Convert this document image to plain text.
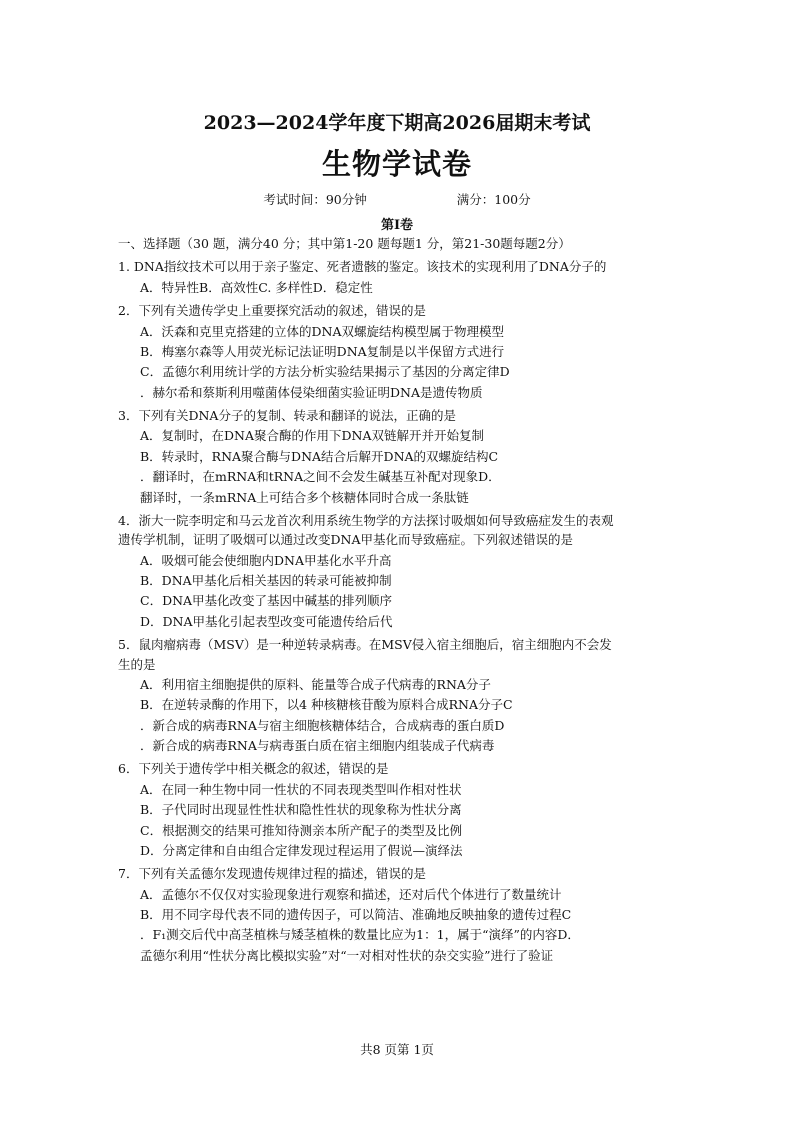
2023—2024学年度下期高2026届期末考试
生物学试卷
考试时间：90分钟	满分：100分
第Ⅰ卷
一、选择题（30 题，满分40 分；其中第1-20 题每题1 分，第21-30题每题2分）
1. DNA指纹技术可以用于亲子鉴定、死者遗骸的鉴定。该技术的实现利用了DNA分子的
A．特异性B．高效性C. 多样性D．稳定性
2．下列有关遗传学史上重要探究活动的叙述，错误的是
A．沃森和克里克搭建的立体的DNA双螺旋结构模型属于物理模型
B．梅塞尔森等人用荧光标记法证明DNA复制是以半保留方式进行
C．孟德尔利用统计学的方法分析实验结果揭示了基因的分离定律D
．赫尔希和蔡斯利用噬菌体侵染细菌实验证明DNA是遗传物质
3．下列有关DNA分子的复制、转录和翻译的说法，正确的是
A．复制时，在DNA聚合酶的作用下DNA双链解开并开始复制
B．转录时，RNA聚合酶与DNA结合后解开DNA的双螺旋结构C
．翻译时，在mRNA和tRNA之间不会发生碱基互补配对现象D．
翻译时，一条mRNA上可结合多个核糖体同时合成一条肽链
4．浙大一院李明定和马云龙首次利用系统生物学的方法探讨吸烟如何导致癌症发生的表观
遗传学机制，证明了吸烟可以通过改变DNA甲基化而导致癌症。下列叙述错误的是
A．吸烟可能会使细胞内DNA甲基化水平升高
B．DNA甲基化后相关基因的转录可能被抑制
C．DNA甲基化改变了基因中碱基的排列顺序
D．DNA甲基化引起表型改变可能遗传给后代
5．鼠肉瘤病毒（MSV）是一种逆转录病毒。在MSV侵入宿主细胞后，宿主细胞内不会发
生的是
A．利用宿主细胞提供的原料、能量等合成子代病毒的RNA分子
B．在逆转录酶的作用下，以4 种核糖核苷酸为原料合成RNA分子C
．新合成的病毒RNA与宿主细胞核糖体结合，合成病毒的蛋白质D
．新合成的病毒RNA与病毒蛋白质在宿主细胞内组装成子代病毒
6．下列关于遗传学中相关概念的叙述，错误的是
A．在同一种生物中同一性状的不同表现类型叫作相对性状
B．子代同时出现显性性状和隐性性状的现象称为性状分离
C．根据测交的结果可推知待测亲本所产配子的类型及比例
D．分离定律和自由组合定律发现过程运用了假说—演绎法
7．下列有关孟德尔发现遗传规律过程的描述，错误的是
A．孟德尔不仅仅对实验现象进行观察和描述，还对后代个体进行了数量统计
B．用不同字母代表不同的遗传因子，可以简洁、准确地反映抽象的遗传过程C
．F₁测交后代中高茎植株与矮茎植株的数量比应为1：1，属于“演绎”的内容D．
孟德尔利用“性状分离比模拟实验”对“一对相对性状的杂交实验”进行了验证
共8 页第 1页
